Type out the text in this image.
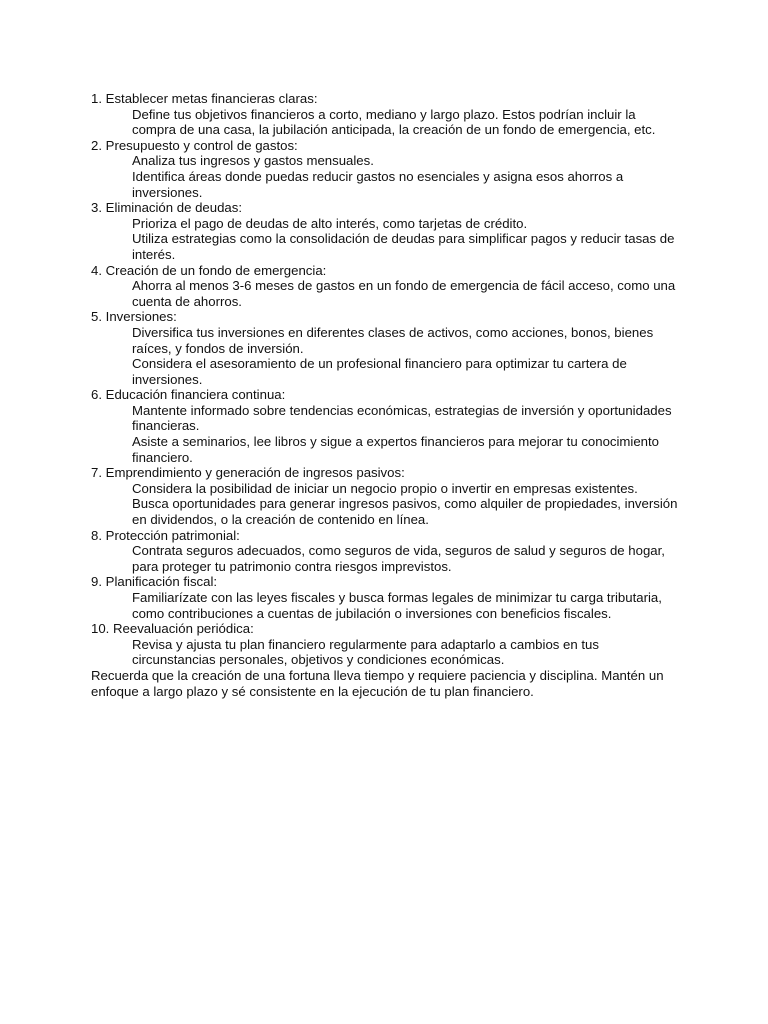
1. Establecer metas financieras claras:

Define tus objetivos financieros a corto, mediano y largo plazo. Estos podrían incluir la compra de una casa, la jubilación anticipada, la creación de un fondo de emergencia, etc.

2. Presupuesto y control de gastos:

Analiza tus ingresos y gastos mensuales.

Identifica áreas donde puedas reducir gastos no esenciales y asigna esos ahorros a inversiones.

3. Eliminación de deudas:

Prioriza el pago de deudas de alto interés, como tarjetas de crédito.

Utiliza estrategias como la consolidación de deudas para simplificar pagos y reducir tasas de interés.

4. Creación de un fondo de emergencia:

Ahorra al menos 3-6 meses de gastos en un fondo de emergencia de fácil acceso, como una cuenta de ahorros.

5. Inversiones:

Diversifica tus inversiones en diferentes clases de activos, como acciones, bonos, bienes raíces, y fondos de inversión.

Considera el asesoramiento de un profesional financiero para optimizar tu cartera de inversiones.

6. Educación financiera continua:

Mantente informado sobre tendencias económicas, estrategias de inversión y oportunidades financieras.

Asiste a seminarios, lee libros y sigue a expertos financieros para mejorar tu conocimiento financiero.

7. Emprendimiento y generación de ingresos pasivos:

Considera la posibilidad de iniciar un negocio propio o invertir en empresas existentes.

Busca oportunidades para generar ingresos pasivos, como alquiler de propiedades, inversión en dividendos, o la creación de contenido en línea.

8. Protección patrimonial:

Contrata seguros adecuados, como seguros de vida, seguros de salud y seguros de hogar, para proteger tu patrimonio contra riesgos imprevistos.

9. Planificación fiscal:

Familiarízate con las leyes fiscales y busca formas legales de minimizar tu carga tributaria, como contribuciones a cuentas de jubilación o inversiones con beneficios fiscales.

10. Reevaluación periódica:

Revisa y ajusta tu plan financiero regularmente para adaptarlo a cambios en tus circunstancias personales, objetivos y condiciones económicas.

Recuerda que la creación de una fortuna lleva tiempo y requiere paciencia y disciplina. Mantén un enfoque a largo plazo y sé consistente en la ejecución de tu plan financiero.
